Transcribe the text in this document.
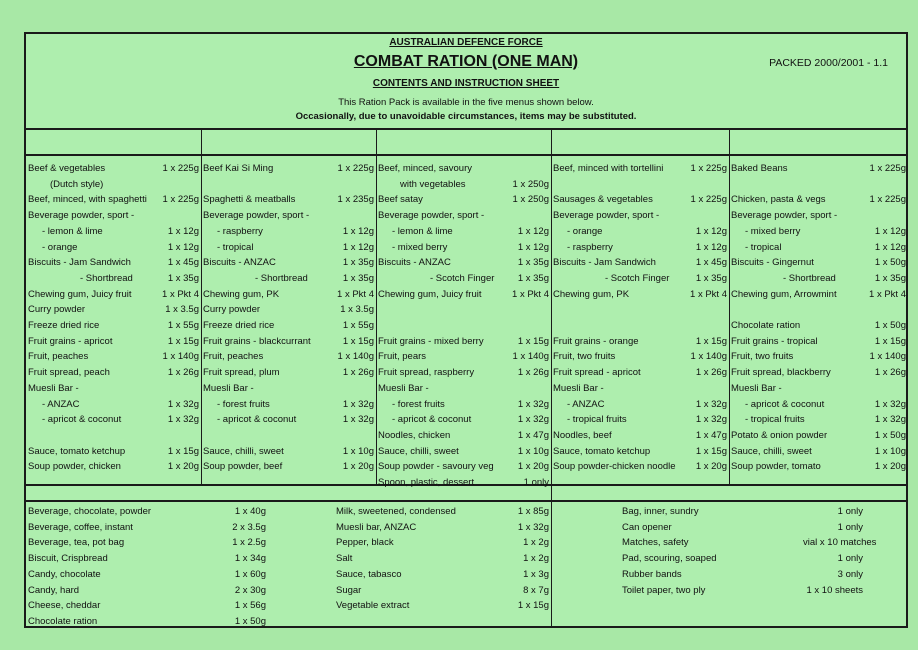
AUSTRALIAN DEFENCE FORCE
COMBAT RATION (ONE MAN)
CONTENTS AND INSTRUCTION SHEET
This Ration Pack is available in the five menus shown below.
Occasionally, due to unavoidable circumstances, items may be substituted.
PACKED 2000/2001 - 1.1
Beef & vegetables	1 x 225g
(Dutch style)
Beef, minced, with spaghetti 1 x 225g
Beverage powder, sport -
- lemon & lime	1 x 12g
- orange	1 x 12g
Biscuits - Jam Sandwich	1 x 45g
- Shortbread	1 x 35g
Chewing gum, Juicy fruit	1 x Pkt 4
Curry powder	1 x 3.5g
Freeze dried rice	1 x 55g
Fruit grains - apricot	1 x 15g
Fruit, peaches	1 x 140g
Fruit spread, peach	1 x 26g
Muesli Bar -
- ANZAC	1 x 32g
- apricot & coconut	1 x 32g
Sauce, tomato ketchup	1 x 15g
Soup powder, chicken	1 x 20g
Beef Kai Si Ming	1 x 225g
Spaghetti & meatballs	1 x 235g
Beverage powder, sport -
- raspberry	1 x 12g
- tropical	1 x 12g
Biscuits - ANZAC	1 x 35g
- Shortbread	1 x 35g
Chewing gum, PK	1 x Pkt 4
Curry powder	1 x 3.5g
Freeze dried rice	1 x 55g
Fruit grains - blackcurrant	1 x 15g
Fruit, peaches	1 x 140g
Fruit spread, plum	1 x 26g
Muesli Bar -
- forest fruits	1 x 32g
- apricot & coconut	1 x 32g
Sauce, chilli, sweet	1 x 10g
Soup powder, beef	1 x 20g
Beef, minced, savoury
with vegetables	1 x 250g
Beef satay	1 x 250g
Beverage powder, sport -
- lemon & lime	1 x 12g
- mixed berry	1 x 12g
Biscuits - ANZAC	1 x 35g
- Scotch Finger 1 x 35g
Chewing gum, Juicy fruit	1 x Pkt 4
Fruit grains - mixed berry	1 x 15g
Fruit, pears	1 x 140g
Fruit spread, raspberry	1 x 26g
Muesli Bar -
- forest fruits	1 x 32g
- apricot & coconut	1 x 32g
Noodles, chicken	1 x 47g
Sauce, chilli, sweet	1 x 10g
Soup powder - savoury veg	1 x 20g
Spoon, plastic, dessert	1 only
Beef, minced with tortellini	1 x 225g
Sausages & vegetables	1 x 225g
Beverage powder, sport -
- orange	1 x 12g
- raspberry	1 x 12g
Biscuits - Jam Sandwich	1 x 45g
- Scotch Finger	1 x 35g
Chewing gum, PK	1 x Pkt 4
Fruit grains - orange	1 x 15g
Fruit, two fruits	1 x 140g
Fruit spread - apricot	1 x 26g
Muesli Bar -
- ANZAC	1 x 32g
- tropical fruits	1 x 32g
Noodles, beef	1 x 47g
Sauce, tomato ketchup	1 x 15g
Soup powder-chicken noodle 1 x 20g
Baked Beans	1 x 225g
Chicken, pasta & vegs	1 x 225g
Beverage powder, sport -
- mixed berry	1 x 12g
- tropical	1 x 12g
Biscuits - Gingernut	1 x 50g
- Shortbread	1 x 35g
Chewing gum, Arrowmint	1 x Pkt 4
Chocolate ration	1 x 50g
Fruit grains - tropical	1 x 15g
Fruit, two fruits	1 x 140g
Fruit spread, blackberry	1 x 26g
Muesli Bar -
- apricot & coconut	1 x 32g
- tropical fruits	1 x 32g
Potato & onion powder	1 x 50g
Sauce, chilli, sweet	1 x 10g
Soup powder, tomato	1 x 20g
Beverage, chocolate, powder	1 x 40g
Beverage, coffee, instant	2 x 3.5g
Beverage, tea, pot bag	1 x 2.5g
Biscuit, Crispbread	1 x 34g
Candy, chocolate	1 x 60g
Candy, hard	2 x 30g
Cheese, cheddar	1 x 56g
Chocolate ration	1 x 50g
Milk, sweetened, condensed	1 x 85g
Muesli bar, ANZAC	1 x 32g
Pepper, black	1 x 2g
Salt	1 x 2g
Sauce, tabasco	1 x 3g
Sugar	8 x 7g
Vegetable extract	1 x 15g
Bag, inner, sundry	1 only
Can opener	1 only
Matches, safety	vial x 10 matches
Pad, scouring, soaped	1 only
Rubber bands	3 only
Toilet paper, two ply	1 x 10 sheets
